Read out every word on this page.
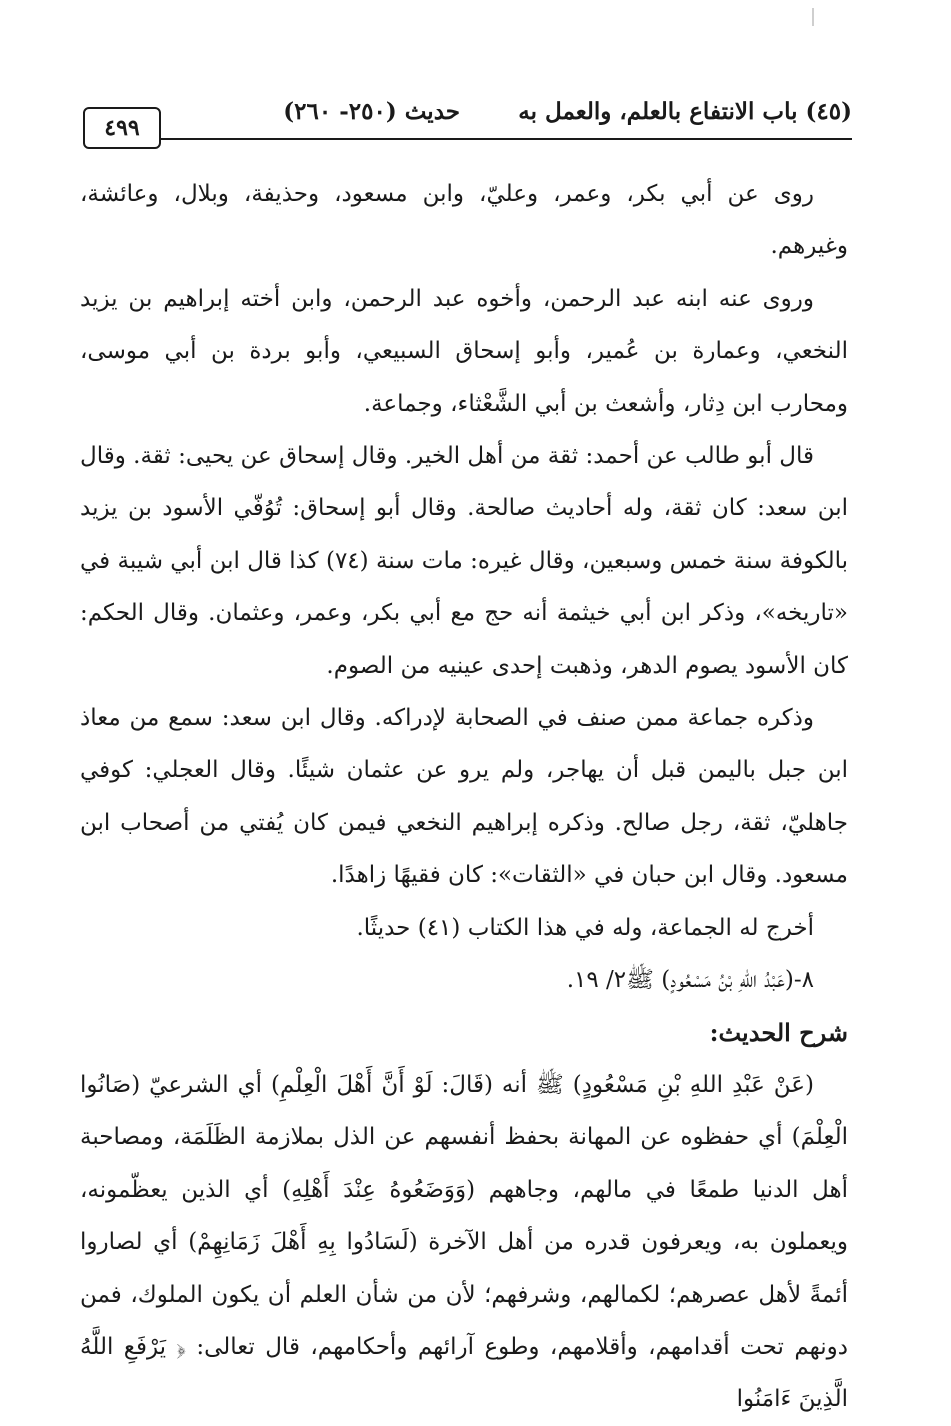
(٤٥) باب الانتفاع بالعلم، والعمل به
حديث (٢٥٠- ٢٦٠)
٤٩٩

روى عن أبي بكر، وعمر، وعليّ، وابن مسعود، وحذيفة، وبلال، وعائشة، وغيرهم.

وروى عنه ابنه عبد الرحمن، وأخوه عبد الرحمن، وابن أخته إبراهيم بن يزيد النخعي، وعمارة بن عُمير، وأبو إسحاق السبيعي، وأبو بردة بن أبي موسى، ومحارب ابن دِثار، وأشعث بن أبي الشَّعْثاء، وجماعة.

قال أبو طالب عن أحمد: ثقة من أهل الخير. وقال إسحاق عن يحيى: ثقة. وقال ابن سعد: كان ثقة، وله أحاديث صالحة. وقال أبو إسحاق: تُوُفّي الأسود بن يزيد بالكوفة سنة خمس وسبعين، وقال غيره: مات سنة (٧٤) كذا قال ابن أبي شيبة في «تاريخه»، وذكر ابن أبي خيثمة أنه حج مع أبي بكر، وعمر، وعثمان. وقال الحكم: كان الأسود يصوم الدهر، وذهبت إحدى عينيه من الصوم.

وذكره جماعة ممن صنف في الصحابة لإدراكه. وقال ابن سعد: سمع من معاذ ابن جبل باليمن قبل أن يهاجر، ولم يرو عن عثمان شيئًا. وقال العجلي: كوفي جاهليّ، ثقة، رجل صالح. وذكره إبراهيم النخعي فيمن كان يُفتي من أصحاب ابن مسعود. وقال ابن حبان في «الثقات»: كان فقيهًا زاهدًا.

أخرج له الجماعة، وله في هذا الكتاب (٤١) حديثًا.

٨-(عَبْدُ اللهِ بْنُ مَسْعُودٍ) ﷺ٢/ ١٩.

شرح الحديث:

(عَنْ عَبْدِ اللهِ بْنِ مَسْعُودٍ) ﷺ أنه (قَالَ: لَوْ أَنَّ أَهْلَ الْعِلْمِ) أي الشرعيّ (صَانُوا الْعِلْمَ) أي حفظوه عن المهانة بحفظ أنفسهم عن الذل بملازمة الظَلَمَة، ومصاحبة أهل الدنيا طمعًا في مالهم، وجاههم (وَوَضَعُوهُ عِنْدَ أَهْلِهِ) أي الذين يعظّمونه، ويعملون به، ويعرفون قدره من أهل الآخرة (لَسَادُوا بِهِ أَهْلَ زَمَانِهِمْ) أي لصاروا أئمةً لأهل عصرهم؛ لكمالهم، وشرفهم؛ لأن من شأن العلم أن يكون الملوك، فمن دونهم تحت أقدامهم، وأقلامهم، وطوع آرائهم وأحكامهم، قال تعالى: ﴿ يَرْفَعِ اللَّهُ الَّذِينَ ءَامَنُوا
